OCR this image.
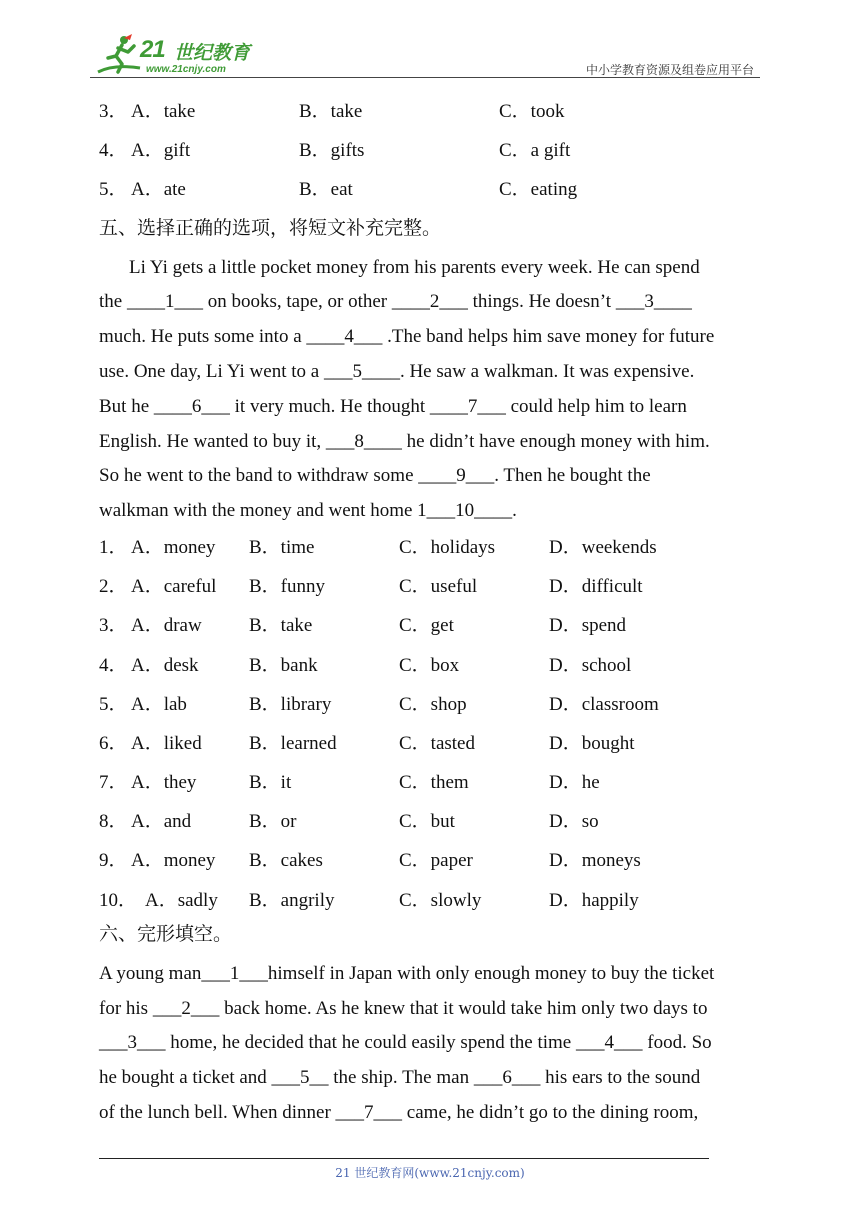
21 世纪教育
www.21cnjy.com	中小学教育资源及组卷应用平台
3． A．take	B．take	C．took
4． A．gift	B．gifts	C．a gift
5． A．ate	B．eat	C．eating
五、选择正确的选项，将短文补充完整。

Li Yi gets a little pocket money from his parents every week. He can spend
the ____1___ on books, tape, or other ____2___ things. He doesn’t ___3____
much. He puts some into a ____4___ .The band helps him save money for future
use. One day, Li Yi went to a ___5____. He saw a walkman. It was expensive.
But he ____6___ it very much. He thought ____7___ could help him to learn
English. He wanted to buy it, ___8____ he didn’t have enough money with him.
So he went to the band to withdraw some ____9___. Then he bought the
walkman with the money and went home 1___10____.

1． A．money B．time	C．holidays	D．weekends
2． A．careful B．funny	C．useful	D．difficult
3． A．draw B．take	C．get	D．spend
4． A．desk	B．bank	C．box	D．school
5． A．lab	B．library	C．shop	D．classroom
6． A．liked B．learned	C．tasted	D．bought
7． A．they	B．it	C．them	D．he
8． A．and	B．or	C．but	D．so
9． A．money B．cakes	C．paper	D．moneys
10． A．sadly B．angrily	C．slowly	D．happily
六、完形填空。

A young man___1___himself in Japan with only enough money to buy the ticket
for his ___2___ back home. As he knew that it would take him only two days to
___3___ home, he decided that he could easily spend the time ___4___ food. So
he bought a ticket and ___5__ the ship. The man ___6___ his ears to the sound
of the lunch bell. When dinner ___7___ came, he didn’t go to the dining room,

21 世纪教育网(www.21cnjy.com)
